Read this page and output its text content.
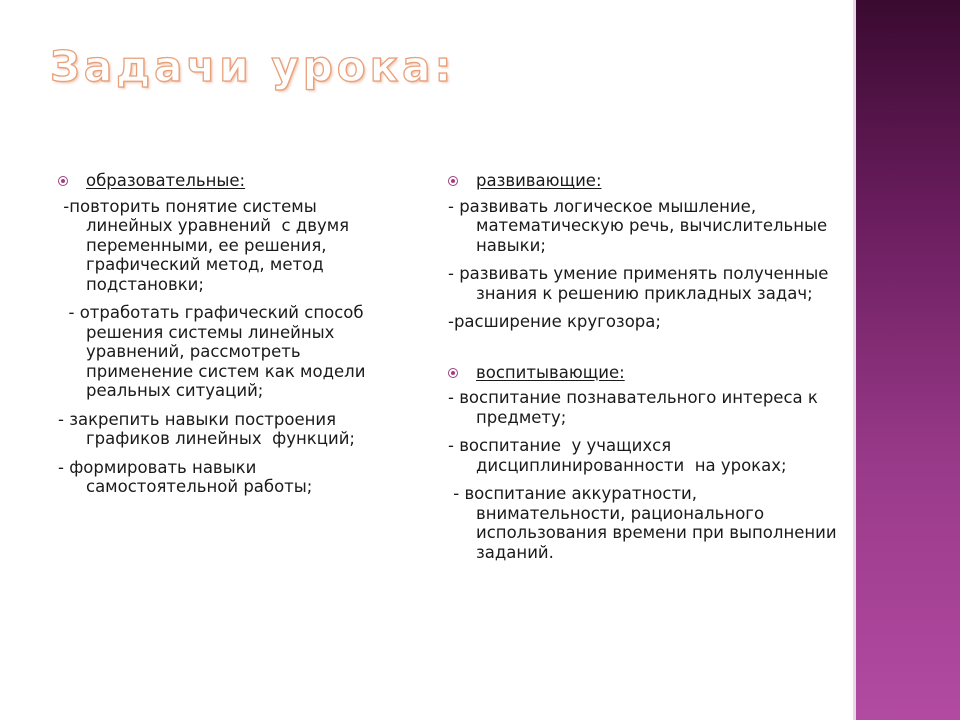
Задачи урока:
образовательные:

-повторить понятие системы линейных уравнений  с двумя переменными, ее решения, графический метод, метод подстановки;

- отработать графический способ решения системы линейных уравнений, рассмотреть применение систем как модели реальных ситуаций;

- закрепить навыки построения графиков линейных  функций;

- формировать навыки самостоятельной работы;

развивающие:

- развивать логическое мышление, математическую речь, вычислительные навыки;

- развивать умение применять полученные знания к решению прикладных задач;

-расширение кругозора;

воспитывающие:

- воспитание познавательного интереса к предмету;

- воспитание  у учащихся дисциплинированности  на уроках;

- воспитание аккуратности, внимательности, рационального использования времени при выполнении заданий.
